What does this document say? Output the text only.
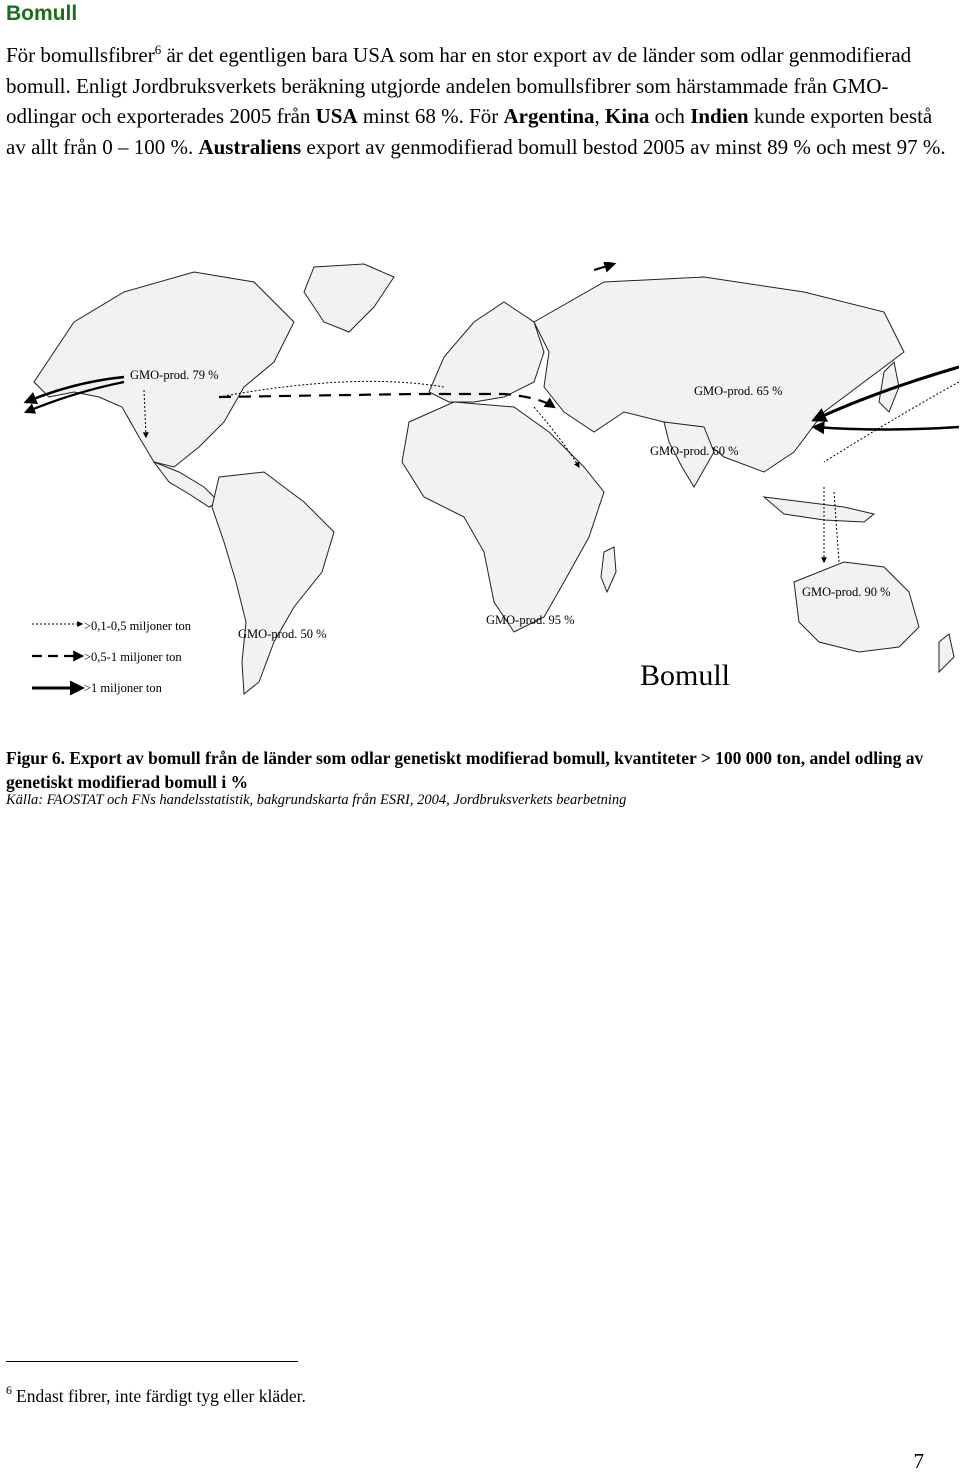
Bomull
För bomullsfibrer$^6$ är det egentligen bara USA som har en stor export av de länder som odlar genmodifierad bomull. Enligt Jordbruksverkets beräkning utgjorde andelen bomullsfibrer som härstammade från GMO-odlingar och exporterades 2005 från USA minst 68 %. För Argentina, Kina och Indien kunde exporten bestå av allt från 0 – 100 %. Australiens export av genmodifierad bomull bestod 2005 av minst 89 % och mest 97 %.
GMO-prod. 79 %
GMO-prod. 65 %
GMO-prod. 60 %
GMO-prod. 90 %
GMO-prod. 50 %
GMO-prod. 95 %
>0,1-0,5 miljoner ton
>0,5-1 miljoner ton
>1 miljoner ton	Bomull
Figur 6. Export av bomull från de länder som odlar genetiskt modifierad bomull, kvantiteter > 100 000 ton, andel odling av genetiskt modifierad bomull i %
Källa: FAOSTAT och FNs handelsstatistik, bakgrundskarta från ESRI, 2004, Jordbruksverkets bearbetning
$^6$ Endast fibrer, inte färdigt tyg eller kläder.
7
